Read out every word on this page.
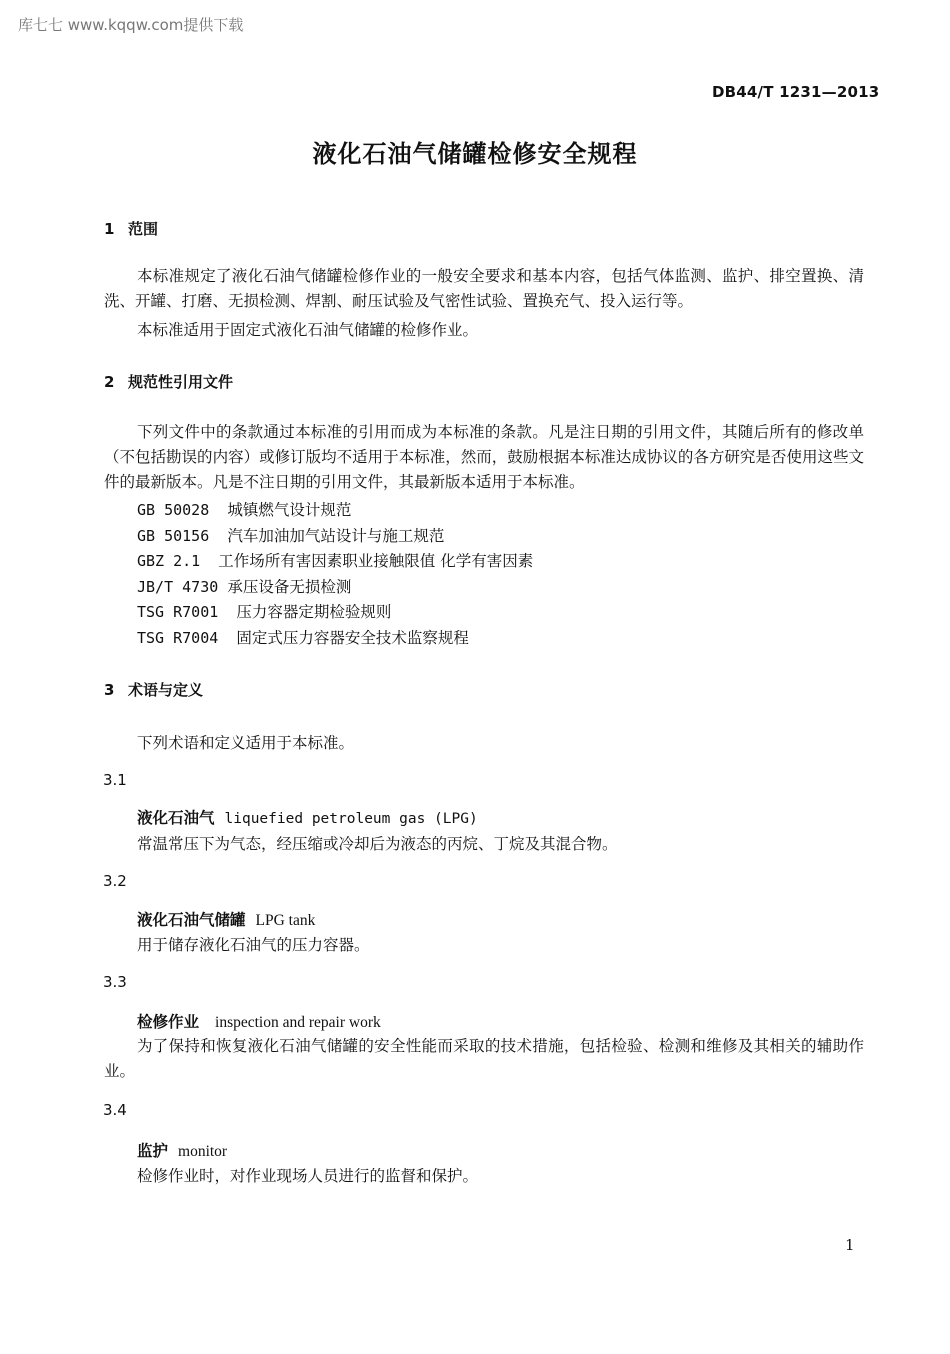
库七七 www.kqqw.com提供下载
DB44/T 1231—2013
液化石油气储罐检修安全规程
1 范围
本标准规定了液化石油气储罐检修作业的一般安全要求和基本内容，包括气体监测、监护、排空置换、清洗、开罐、打磨、无损检测、焊割、耐压试验及气密性试验、置换充气、投入运行等。
本标准适用于固定式液化石油气储罐的检修作业。
2 规范性引用文件
下列文件中的条款通过本标准的引用而成为本标准的条款。凡是注日期的引用文件，其随后所有的修改单（不包括勘误的内容）或修订版均不适用于本标准，然而，鼓励根据本标准达成协议的各方研究是否使用这些文件的最新版本。凡是不注日期的引用文件，其最新版本适用于本标准。
GB 50028 城镇燃气设计规范
GB 50156 汽车加油加气站设计与施工规范
GBZ 2.1 工作场所有害因素职业接触限值 化学有害因素
JB/T 4730 承压设备无损检测
TSG R7001 压力容器定期检验规则
TSG R7004 固定式压力容器安全技术监察规程
3 术语与定义
下列术语和定义适用于本标准。
3.1
液化石油气 liquefied petroleum gas (LPG)
常温常压下为气态，经压缩或冷却后为液态的丙烷、丁烷及其混合物。
3.2
液化石油气储罐 LPG tank
用于储存液化石油气的压力容器。
3.3
检修作业 inspection and repair work
为了保持和恢复液化石油气储罐的安全性能而采取的技术措施，包括检验、检测和维修及其相关的辅助作业。
3.4
监护 monitor
检修作业时，对作业现场人员进行的监督和保护。
1
